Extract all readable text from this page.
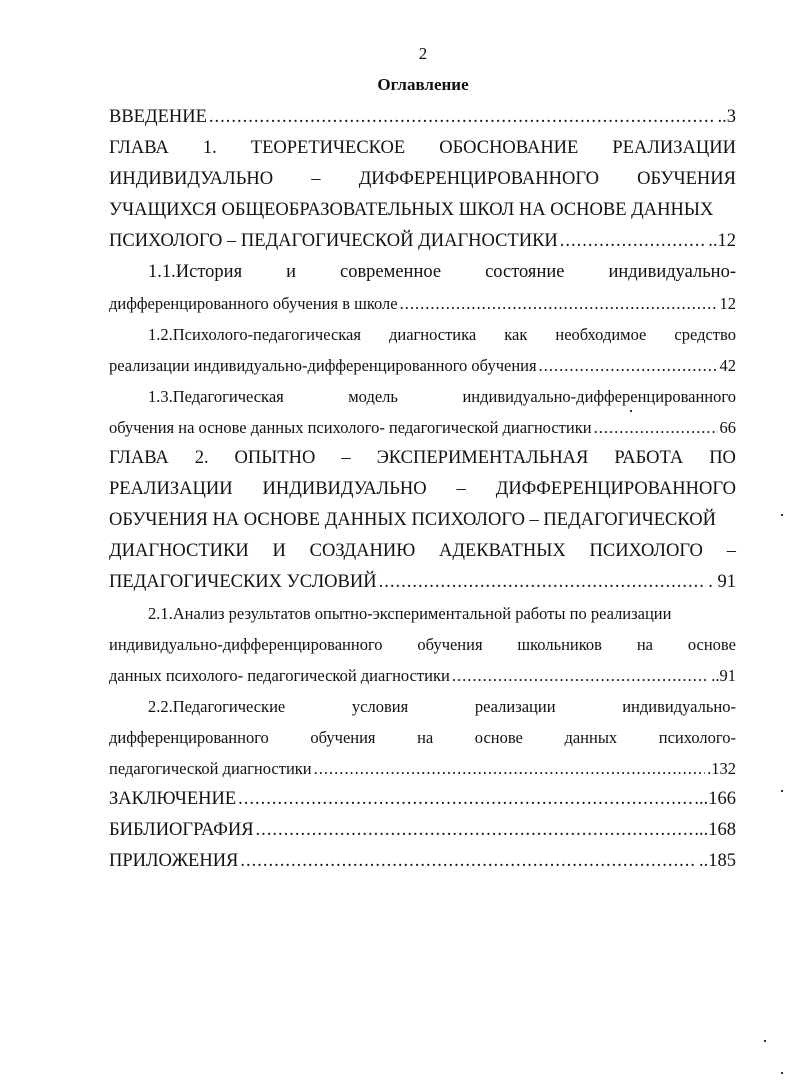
2
Оглавление
ВВЕДЕНИЕ .....	..3
ГЛАВА 1. ТЕОРЕТИЧЕСКОЕ ОБОСНОВАНИЕ РЕАЛИЗАЦИИ
ИНДИВИДУАЛЬНО – ДИФФЕРЕНЦИРОВАННОГО ОБУЧЕНИЯ
УЧАЩИХСЯ ОБЩЕОБРАЗОВАТЕЛЬНЫХ ШКОЛ НА ОСНОВЕ ДАННЫХ
ПСИХОЛОГО – ПЕДАГОГИЧЕСКОЙ ДИАГНОСТИКИ .....	..12
1.1.История и современное состояние индивидуально-
дифференцированного обучения в школе .....	12
1.2.Психолого-педагогическая диагностика как необходимое средство
реализации индивидуально-дифференцированного обучения .....	42
1.3.Педагогическая	модель	индивидуально-дифференцированного
обучения на основе данных психолого- педагогической диагностики .....	66
ГЛАВА 2. ОПЫТНО – ЭКСПЕРИМЕНТАЛЬНАЯ РАБОТА ПО
РЕАЛИЗАЦИИ ИНДИВИДУАЛЬНО – ДИФФЕРЕНЦИРОВАННОГО
ОБУЧЕНИЯ НА ОСНОВЕ ДАННЫХ ПСИХОЛОГО – ПЕДАГОГИЧЕСКОЙ
ДИАГНОСТИКИ И СОЗДАНИЮ АДЕКВАТНЫХ ПСИХОЛОГО –
ПЕДАГОГИЧЕСКИХ УСЛОВИЙ .....	. 91
2.1.Анализ результатов опытно-экспериментальной работы по реализации
индивидуально-дифференцированного обучения школьников на основе
данных психолого- педагогической диагностики .....	..91
2.2.Педагогические	условия	реализации	индивидуально-
дифференцированного	обучения	на	основе	данных	психолого-
педагогической диагностики .....	.132
ЗАКЛЮЧЕНИЕ .....	...166
БИБЛИОГРАФИЯ .....	...168
ПРИЛОЖЕНИЯ .....	..185
